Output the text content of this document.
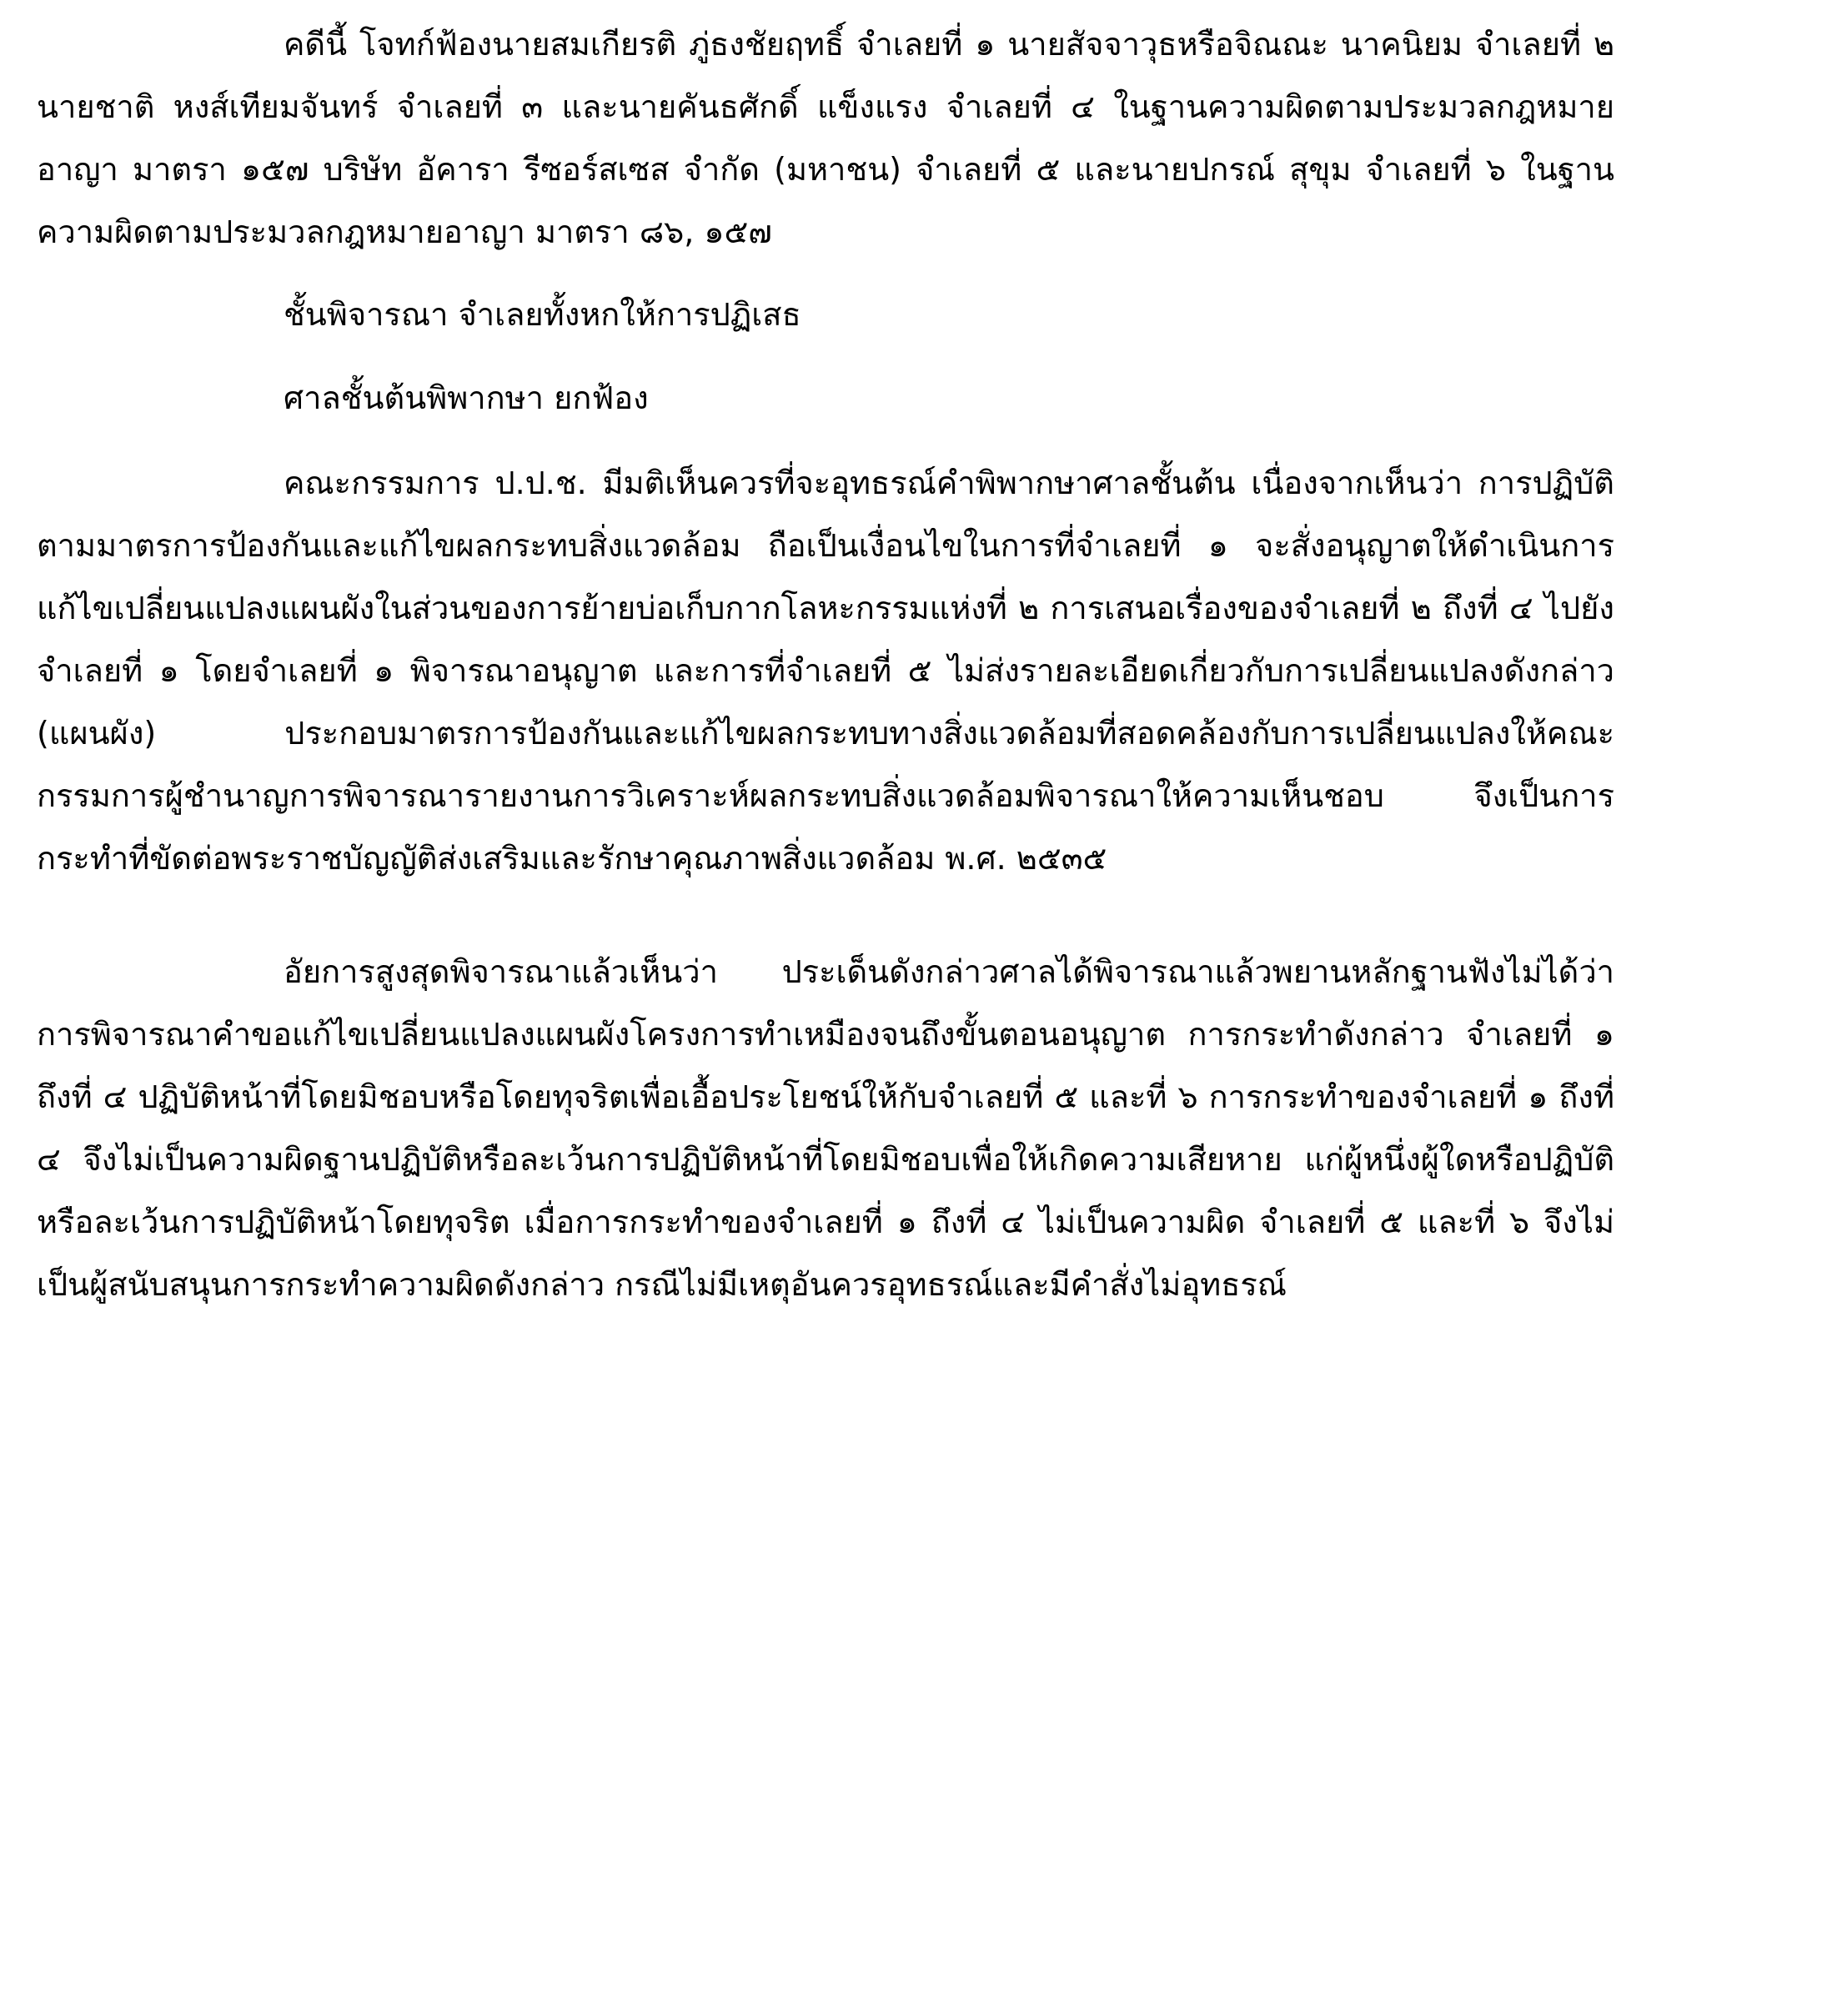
คดีนี้ โจทก์ฟ้องนายสมเกียรติ ภู่ธงชัยฤทธิ์ จำเลยที่ ๑ นายสัจจาวุธหรือจิณณะ นาคนิยม จำเลยที่ ๒ นายชาติ หงส์เทียมจันทร์ จำเลยที่ ๓ และนายคันธศักดิ์ แข็งแรง จำเลยที่ ๔ ในฐานความผิดตามประมวลกฎหมายอาญา มาตรา ๑๕๗ บริษัท อัคารา รีซอร์สเซส จำกัด (มหาชน) จำเลยที่ ๕ และนายปกรณ์ สุขุม จำเลยที่ ๖ ในฐานความผิดตามประมวลกฎหมายอาญา มาตรา ๘๖, ๑๕๗

ชั้นพิจารณา จำเลยทั้งหกให้การปฏิเสธ

ศาลชั้นต้นพิพากษา ยกฟ้อง

คณะกรรมการ ป.ป.ช. มีมติเห็นควรที่จะอุทธรณ์คำพิพากษาศาลชั้นต้น เนื่องจากเห็นว่า การปฏิบัติตามมาตรการป้องกันและแก้ไขผลกระทบสิ่งแวดล้อม ถือเป็นเงื่อนไขในการที่จำเลยที่ ๑ จะสั่งอนุญาตให้ดำเนินการแก้ไขเปลี่ยนแปลงแผนผังในส่วนของการย้ายบ่อเก็บกากโลหะกรรมแห่งที่ ๒ การเสนอเรื่องของจำเลยที่ ๒ ถึงที่ ๔ ไปยังจำเลยที่ ๑ โดยจำเลยที่ ๑ พิจารณาอนุญาต และการที่จำเลยที่ ๕ ไม่ส่งรายละเอียดเกี่ยวกับการเปลี่ยนแปลงดังกล่าว (แผนผัง) ประกอบมาตรการป้องกันและแก้ไขผลกระทบทางสิ่งแวดล้อมที่สอดคล้องกับการเปลี่ยนแปลงให้คณะกรรมการผู้ชำนาญการพิจารณารายงานการวิเคราะห์ผลกระทบสิ่งแวดล้อมพิจารณาให้ความเห็นชอบ จึงเป็นการกระทำที่ขัดต่อพระราชบัญญัติส่งเสริมและรักษาคุณภาพสิ่งแวดล้อม พ.ศ. ๒๕๓๕

อัยการสูงสุดพิจารณาแล้วเห็นว่า ประเด็นดังกล่าวศาลได้พิจารณาแล้วพยานหลักฐานฟังไม่ได้ว่า การพิจารณาคำขอแก้ไขเปลี่ยนแปลงแผนผังโครงการทำเหมืองจนถึงขั้นตอนอนุญาต การกระทำดังกล่าว จำเลยที่ ๑ ถึงที่ ๔ ปฏิบัติหน้าที่โดยมิชอบหรือโดยทุจริตเพื่อเอื้อประโยชน์ให้กับจำเลยที่ ๕ และที่ ๖ การกระทำของจำเลยที่ ๑ ถึงที่ ๔ จึงไม่เป็นความผิดฐานปฏิบัติหรือละเว้นการปฏิบัติหน้าที่โดยมิชอบเพื่อให้เกิดความเสียหาย แก่ผู้หนึ่งผู้ใดหรือปฏิบัติหรือละเว้นการปฏิบัติหน้าโดยทุจริต เมื่อการกระทำของจำเลยที่ ๑ ถึงที่ ๔ ไม่เป็นความผิด จำเลยที่ ๕ และที่ ๖ จึงไม่เป็นผู้สนับสนุนการกระทำความผิดดังกล่าว กรณีไม่มีเหตุอันควรอุทธรณ์และมีคำสั่งไม่อุทธรณ์
